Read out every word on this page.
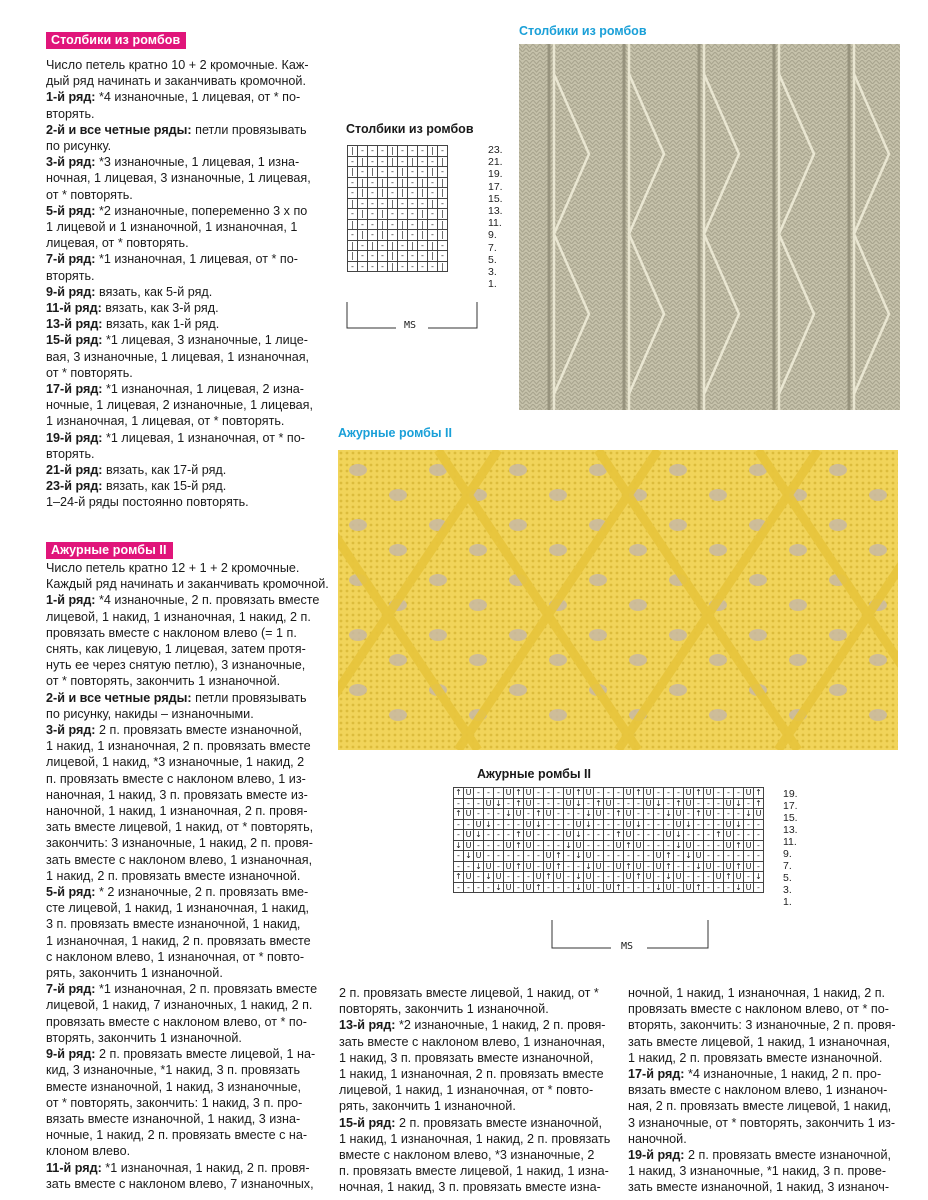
Столбики из ромбов

Число петель кратно 10 + 2 кромочные. Каж-

дый ряд начинать и заканчивать кромочной.

1-й ряд: *4 изнаночные, 1 лицевая, от * по-

вторять.

2-й и все четные ряды: петли провязывать

по рисунку.

3-й ряд: *3 изнаночные, 1 лицевая, 1 изна-

ночная, 1 лицевая, 3 изнаночные, 1 лицевая,

от * повторять.

5-й ряд: *2 изнаночные, попеременно 3 х по

1 лицевой и 1 изнаночной, 1 изнаночная, 1

лицевая, от * повторять.

7-й ряд: *1 изнаночная, 1 лицевая, от * по-

вторять.

9-й ряд: вязать, как 5-й ряд.

11-й ряд: вязать, как 3-й ряд.

13-й ряд: вязать, как 1-й ряд.

15-й ряд: *1 лицевая, 3 изнаночные, 1 лице-

вая, 3 изнаночные, 1 лицевая, 1 изнаночная,

от * повторять.

17-й ряд: *1 изнаночная, 1 лицевая, 2 изна-

ночные, 1 лицевая, 2 изнаночные, 1 лицевая,

1 изнаночная, 1 лицевая, от * повторять.

19-й ряд: *1 лицевая, 1 изнаночная, от * по-

вторять.

21-й ряд: вязать, как 17-й ряд.

23-й ряд: вязать, как 15-й ряд.

1–24-й ряды постоянно повторять.

Ажурные ромбы II

Число петель кратно 12 + 1 + 2 кромочные.

Каждый ряд начинать и заканчивать кромочной.

1-й ряд: *4 изнаночные, 2 п. провязать вместе

лицевой, 1 накид, 1 изнаночная, 1 накид, 2 п.

провязать вместе с наклоном влево (= 1 п.

снять, как лицевую, 1 лицевая, затем протя-

нуть ее через снятую петлю), 3 изнаночные,

от * повторять, закончить 1 изнаночной.

2-й и все четные ряды: петли провязывать

по рисунку, накиды – изнаночными.

3-й ряд: 2 п. провязать вместе изнаночной,

1 накид, 1 изнаночная, 2 п. провязать вместе

лицевой, 1 накид, *3 изнаночные, 1 накид, 2

п. провязать вместе с наклоном влево, 1 из-

наночная, 1 накид, 3 п. провязать вместе из-

наночной, 1 накид, 1 изнаночная, 2 п. провя-

зать вместе лицевой, 1 накид, от * повторять,

закончить: 3 изнаночные, 1 накид, 2 п. провя-

зать вместе с наклоном влево, 1 изнаночная,

1 накид, 2 п. провязать вместе изнаночной.

5-й ряд: * 2 изнаночные, 2 п. провязать вме-

сте лицевой, 1 накид, 1 изнаночная, 1 накид,

3 п. провязать вместе изнаночной, 1 накид,

1 изнаночная, 1 накид, 2 п. провязать вместе

с наклоном влево, 1 изнаночная, от * повто-

рять, закончить 1 изнаночной.

7-й ряд: *1 изнаночная, 2 п. провязать вместе

лицевой, 1 накид, 7 изнаночных, 1 накид, 2 п.

провязать вместе с наклоном влево, от * по-

вторять, закончить 1 изнаночной.

9-й ряд: 2 п. провязать вместе лицевой, 1 на-

кид, 3 изнаночные, *1 накид, 3 п. провязать

вместе изнаночной, 1 накид, 3 изнаночные,

от * повторять, закончить: 1 накид, 3 п. про-

вязать вместе изнаночной, 1 накид, 3 изна-

ночные, 1 накид, 2 п. провязать вместе с на-

клоном влево.

11-й ряд: *1 изнаночная, 1 накид, 2 п. провя-

зать вместе с наклоном влево, 7 изнаночных,

2 п. провязать вместе лицевой, 1 накид, от *

повторять, закончить 1 изнаночной.

13-й ряд: *2 изнаночные, 1 накид, 2 п. провя-

зать вместе с наклоном влево, 1 изнаночная,

1 накид, 3 п. провязать вместе изнаночной,

1 накид, 1 изнаночная, 2 п. провязать вместе

лицевой, 1 накид, 1 изнаночная, от * повто-

рять, закончить 1 изнаночной.

15-й ряд: 2 п. провязать вместе изнаночной,

1 накид, 1 изнаночная, 1 накид, 2 п. провязать

вместе с наклоном влево, *3 изнаночные, 2

п. провязать вместе лицевой, 1 накид, 1 изна-

ночная, 1 накид, 3 п. провязать вместе изна-

ночной, 1 накид, 1 изнаночная, 1 накид, 2 п.

провязать вместе с наклоном влево, от * по-

вторять, закончить: 3 изнаночные, 2 п. провя-

зать вместе лицевой, 1 накид, 1 изнаночная,

1 накид, 2 п. провязать вместе изнаночной.

17-й ряд: *4 изнаночные, 1 накид, 2 п. про-

вязать вместе с наклоном влево, 1 изнаноч-

ная, 2 п. провязать вместе лицевой, 1 накид,

3 изнаночные, от * повторять, закончить 1 из-

наночной.

19-й ряд: 2 п. провязать вместе изнаночной,

1 накид, 3 изнаночные, *1 накид, 3 п. прове-

зать вместе изнаночной, 1 накид, 3 изнаноч-

Столбики из ромбов
Столбики из ромбов
|	-	-	-	|	-	-	-	|	-
-	|	-	-	|	-	|	-	-	|
|	-	|	-	-	|	-	-	|	-
-	|	-	|	-	|	-	|	-	|
-	|	-	|	-	|	-	|	-	|
|	-	-	-	|	-	-	-	|	-
-	|	-	|	-	-	-	|	-	|
|	-	-	|	-	|	-	|	-	|
-	|	-	|	-	|	-	|	-	|
|	-	|	-	|	-	|	-	|	-
|	-	-	-	|	-	-	-	|	-
-	-	-	-	|	-	-	-	-	|
23.
21.
19.
17.
15.
13.
11.
9.
7.
5.
3.
1.
MS
Ажурные ромбы II
Ажурные ромбы II
↑	U	-	-	-	U	↑	U	-	-	-	U	↑	U	-	-	-	U	↑	U	-	-	-	U	↑	U	-	-	-	U	↑
-	-	-	U	↓	-	↑	U	-	-	-	U	↓	-	↑	U	-	-	-	U	↓	-	↑	U	-	-	-	U	↓	-	↑
↑	U	-	-	-	↓	U	-	↑	U	-	-	-	↓	U	-	↑	U	-	-	-	↓	U	-	↑	U	-	-	-	↓	U
-	-	U	↓	-	-	-	U	↓	-	-	-	U	↓	-	-	-	U	↓	-	-	-	U	↓	-	-	-	U	↓	-	-
-	U	↓	-	-	-	↑	U	-	-	-	U	↓	-	-	-	↑	U	-	-	-	U	↓	-	-	-	↑	U	-	-	-
↓	U	-	-	-	U	↑	U	-	-	-	↓	U	-	-	-	U	↑	U	-	-	-	↓	U	-	-	-	U	↑	U	-
-	↓	U	-	-	-	-	-	-	U	↑	-	↓	U	-	-	-	-	-	-	U	↑	-	↓	U	-	-	-	-	-	-
-	-	↓	U	-	U	↑	U	-	U	↑	-	-	↓	U	-	U	↑	U	-	U	↑	-	-	↓	U	-	U	↑	U	-
↑	U	-	↓	U	-	-	-	U	↑	U	-	↓	U	-	-	-	U	↑	U	-	↓	U	-	-	-	U	↑	U	-	↓
-	-	-	-	↓	U	-	U	↑	-	-	-	↓	U	-	U	↑	-	-	-	↓	U	-	U	↑	-	-	-	↓	U	-
19.
17.
15.
13.
11.
9.
7.
5.
3.
1.
MS
